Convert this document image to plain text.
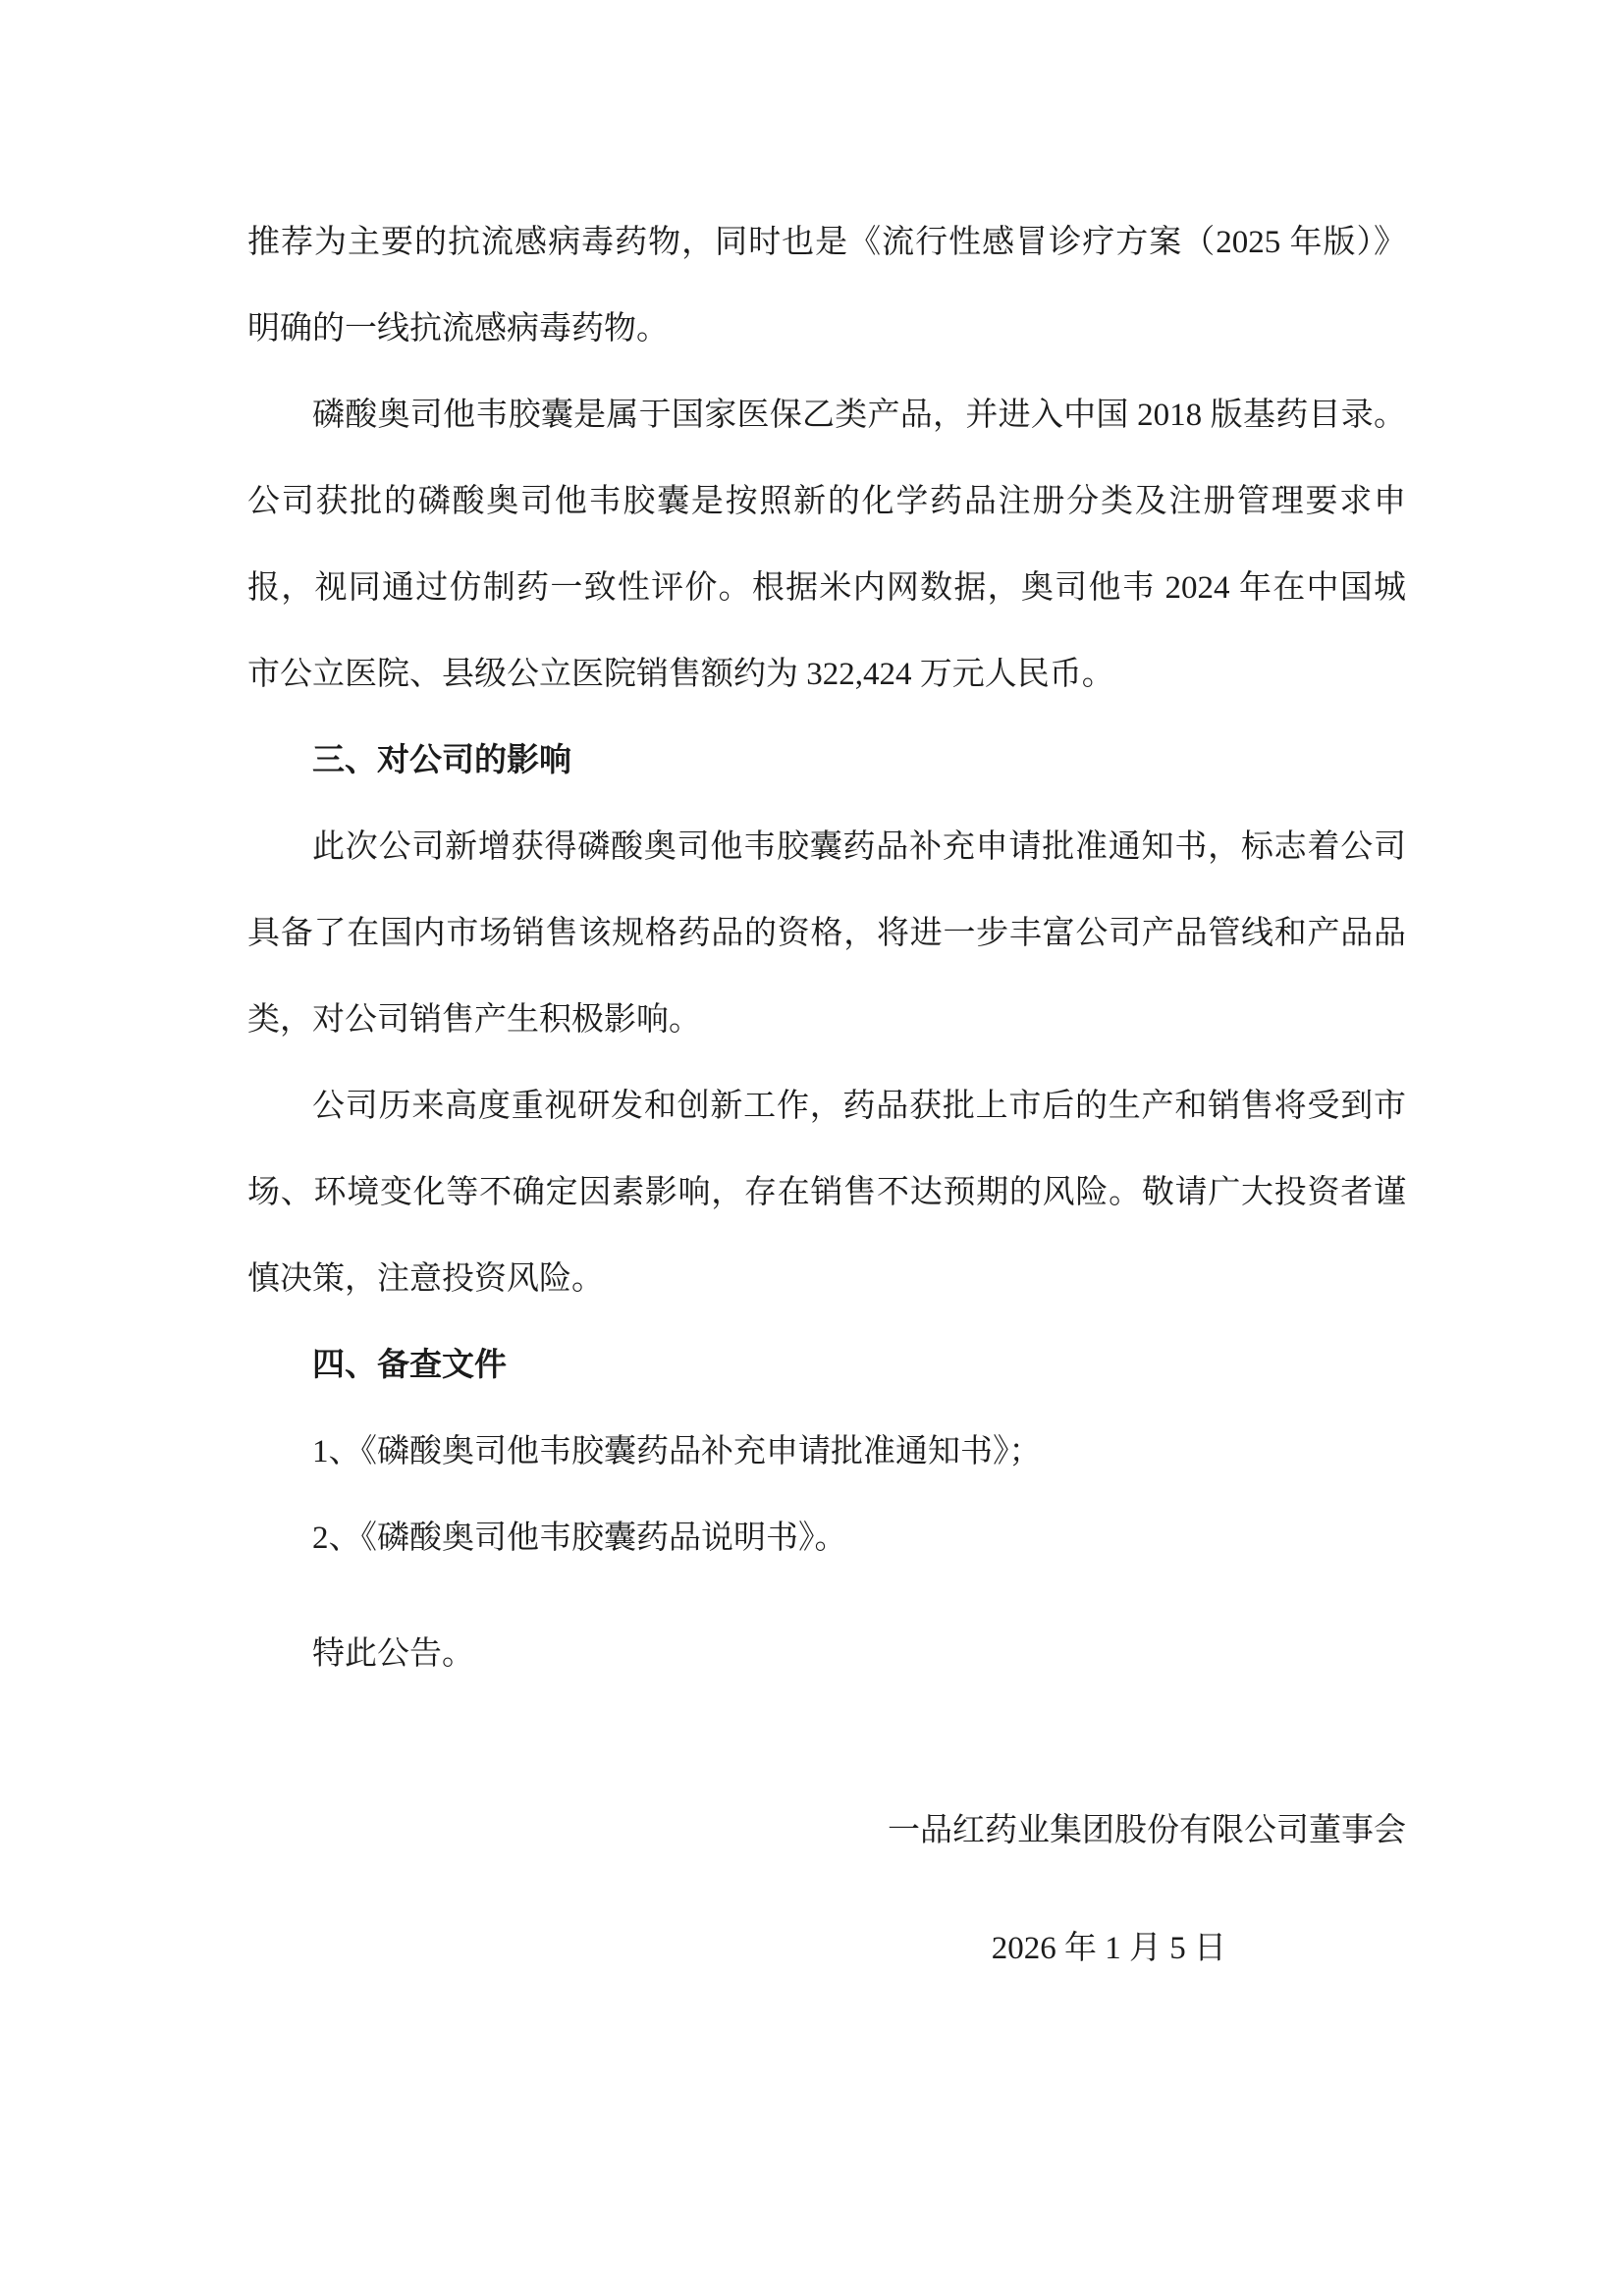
推荐为主要的抗流感病毒药物，同时也是《流行性感冒诊疗方案（2025 年版）》
明确的一线抗流感病毒药物。
磷酸奥司他韦胶囊是属于国家医保乙类产品，并进入中国 2018 版基药目录。
公司获批的磷酸奥司他韦胶囊是按照新的化学药品注册分类及注册管理要求申
报，视同通过仿制药一致性评价。根据米内网数据，奥司他韦 2024 年在中国城
市公立医院、县级公立医院销售额约为 322,424 万元人民币。
三、对公司的影响
此次公司新增获得磷酸奥司他韦胶囊药品补充申请批准通知书，标志着公司
具备了在国内市场销售该规格药品的资格，将进一步丰富公司产品管线和产品品
类，对公司销售产生积极影响。
公司历来高度重视研发和创新工作，药品获批上市后的生产和销售将受到市
场、环境变化等不确定因素影响，存在销售不达预期的风险。敬请广大投资者谨
慎决策，注意投资风险。
四、备查文件
1、《磷酸奥司他韦胶囊药品补充申请批准通知书》；
2、《磷酸奥司他韦胶囊药品说明书》。
特此公告。
一品红药业集团股份有限公司董事会
2026 年 1 月 5 日
